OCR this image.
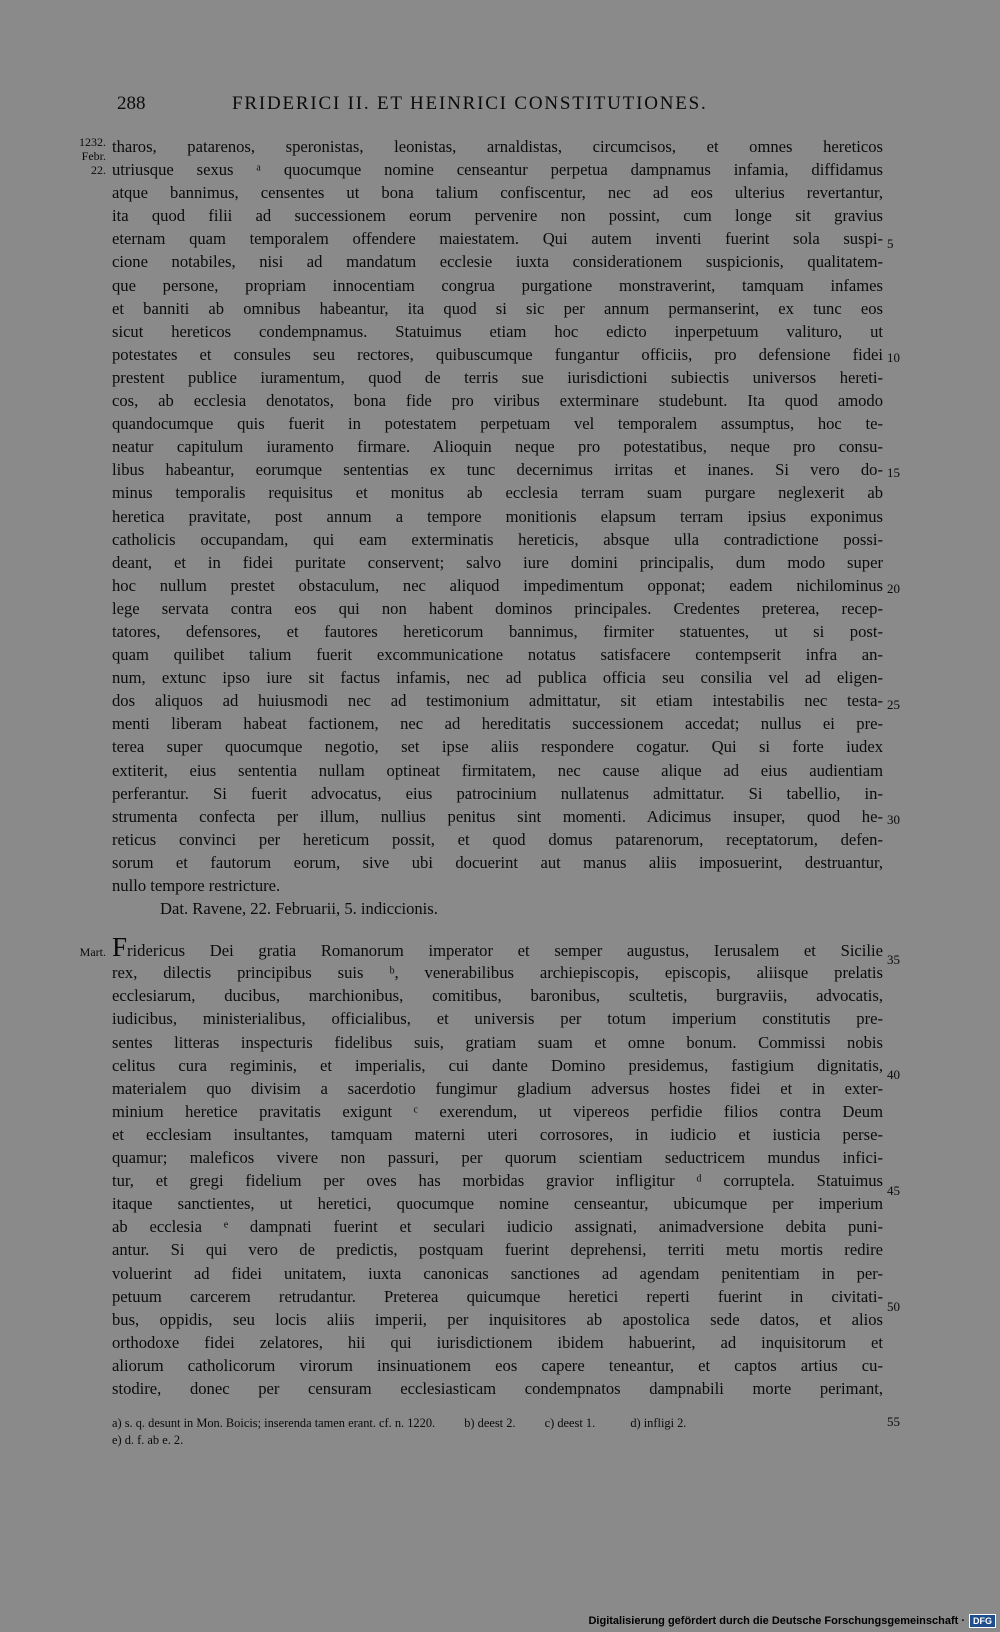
288	FRIDERICI II. ET HEINRICI CONSTITUTIONES.
1232.
Febr.
22.
Mart.
5
10
15
20
25
30
35
40
45
50
55
tharos, patarenos, speronistas, leonistas, arnaldistas, circumcisos, et omnes hereticos
utriusque sexus ᵃ quocumque nomine censeantur perpetua dampnamus infamia, diffidamus
atque bannimus, censentes ut bona talium confiscentur, nec ad eos ulterius revertantur,
ita quod filii ad successionem eorum pervenire non possint, cum longe sit gravius
eternam quam temporalem offendere maiestatem. Qui autem inventi fuerint sola suspi-
cione notabiles, nisi ad mandatum ecclesie iuxta considerationem suspicionis, qualitatem-
que persone, propriam innocentiam congrua purgatione monstraverint, tamquam infames
et banniti ab omnibus habeantur, ita quod si sic per annum permanserint, ex tunc eos
sicut hereticos condempnamus. Statuimus etiam hoc edicto inperpetuum valituro, ut
potestates et consules seu rectores, quibuscumque fungantur officiis, pro defensione fidei
prestent publice iuramentum, quod de terris sue iurisdictioni subiectis universos hereti-
cos, ab ecclesia denotatos, bona fide pro viribus exterminare studebunt. Ita quod amodo
quandocumque quis fuerit in potestatem perpetuam vel temporalem assumptus, hoc te-
neatur capitulum iuramento firmare. Alioquin neque pro potestatibus, neque pro consu-
libus habeantur, eorumque sententias ex tunc decernimus irritas et inanes. Si vero do-
minus temporalis requisitus et monitus ab ecclesia terram suam purgare neglexerit ab
heretica pravitate, post annum a tempore monitionis elapsum terram ipsius exponimus
catholicis occupandam, qui eam exterminatis hereticis, absque ulla contradictione possi-
deant, et in fidei puritate conservent; salvo iure domini principalis, dum modo super
hoc nullum prestet obstaculum, nec aliquod impedimentum opponat; eadem nichilominus
lege servata contra eos qui non habent dominos principales. Credentes preterea, recep-
tatores, defensores, et fautores hereticorum bannimus, firmiter statuentes, ut si post-
quam quilibet talium fuerit excommunicatione notatus satisfacere contempserit infra an-
num, extunc ipso iure sit factus infamis, nec ad publica officia seu consilia vel ad eligen-
dos aliquos ad huiusmodi nec ad testimonium admittatur, sit etiam intestabilis nec testa-
menti liberam habeat factionem, nec ad hereditatis successionem accedat; nullus ei pre-
terea super quocumque negotio, set ipse aliis respondere cogatur. Qui si forte iudex
extiterit, eius sententia nullam optineat firmitatem, nec cause alique ad eius audientiam
perferantur. Si fuerit advocatus, eius patrocinium nullatenus admittatur. Si tabellio, in-
strumenta confecta per illum, nullius penitus sint momenti. Adicimus insuper, quod he-
reticus convinci per hereticum possit, et quod domus patarenorum, receptatorum, defen-
sorum et fautorum eorum, sive ubi docuerint aut manus aliis imposuerint, destruantur,
nullo tempore restricture.
Dat. Ravene, 22. Februarii, 5. indiccionis.
Fridericus Dei gratia Romanorum imperator et semper augustus, Ierusalem et Sicilie
rex, dilectis principibus suis ᵇ, venerabilibus archiepiscopis, episcopis, aliisque prelatis
ecclesiarum, ducibus, marchionibus, comitibus, baronibus, scultetis, burgraviis, advocatis,
iudicibus, ministerialibus, officialibus, et universis per totum imperium constitutis pre-
sentes litteras inspecturis fidelibus suis, gratiam suam et omne bonum. Commissi nobis
celitus cura regiminis, et imperialis, cui dante Domino presidemus, fastigium dignitatis,
materialem quo divisim a sacerdotio fungimur gladium adversus hostes fidei et in exter-
minium heretice pravitatis exigunt ᶜ exerendum, ut vipereos perfidie filios contra Deum
et ecclesiam insultantes, tamquam materni uteri corrosores, in iudicio et iusticia perse-
quamur; maleficos vivere non passuri, per quorum scientiam seductricem mundus infici-
tur, et gregi fidelium per oves has morbidas gravior infligitur ᵈ corruptela. Statuimus
itaque sanctientes, ut heretici, quocumque nomine censeantur, ubicumque per imperium
ab ecclesia ᵉ dampnati fuerint et seculari iudicio assignati, animadversione debita puni-
antur. Si qui vero de predictis, postquam fuerint deprehensi, territi metu mortis redire
voluerint ad fidei unitatem, iuxta canonicas sanctiones ad agendam penitentiam in per-
petuum carcerem retrudantur. Preterea quicumque heretici reperti fuerint in civitati-
bus, oppidis, seu locis aliis imperii, per inquisitores ab apostolica sede datos, et alios
orthodoxe fidei zelatores, hii qui iurisdictionem ibidem habuerint, ad inquisitorum et
aliorum catholicorum virorum insinuationem eos capere teneantur, et captos artius cu-
stodire, donec per censuram ecclesiasticam condempnatos dampnabili morte perimant,
a) s. q. desunt in Mon. Boicis; inserenda tamen erant. cf. n. 1220. b) deest 2. c) deest 1.	d) infligi 2.
e) d. f. ab e. 2.
Digitalisierung gefördert durch die Deutsche Forschungsgemeinschaft · DFG
